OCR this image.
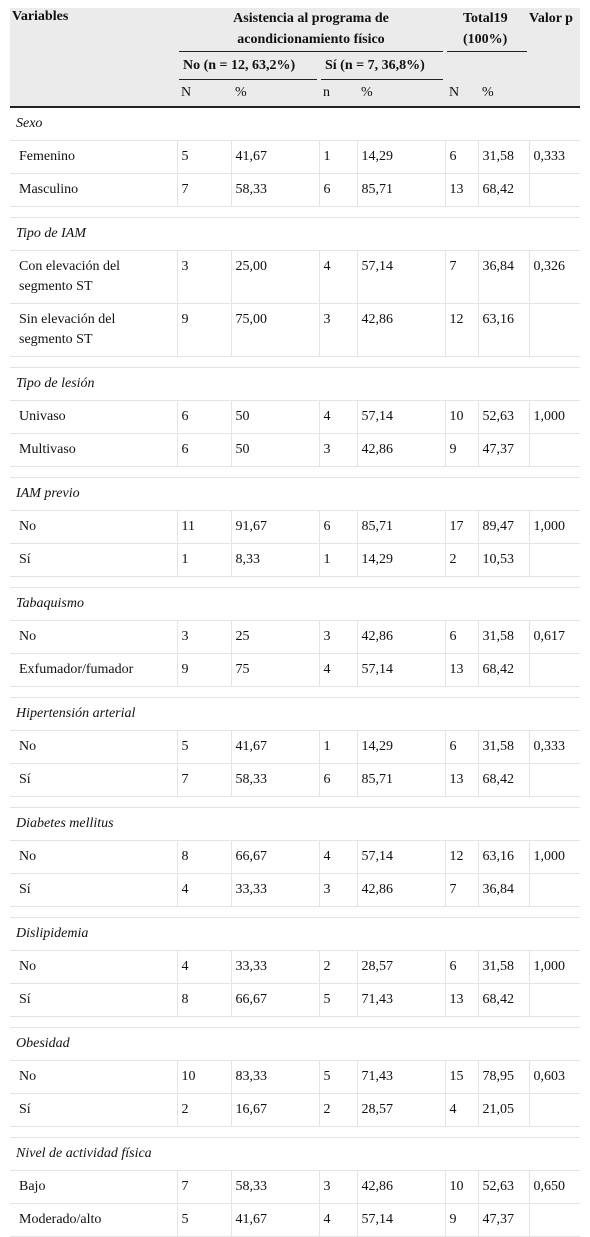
Variables	Asistencia al programa de acondicionamiento físico				Total19 (100%)		Valor p

	No (n = 12, 63,2%)		Sí (n = 7, 36,8%)				

	N	%	n	%	N	%	
Sexo							
Femenino	5	41,67	1	14,29	6	31,58	0,333
Masculino	7	58,33	6	85,71	13	68,42	

Tipo de IAM							
Con elevación del segmento ST	3	25,00	4	57,14	7	36,84	0,326
Sin elevación del segmento ST	9	75,00	3	42,86	12	63,16	

Tipo de lesión							
Univaso	6	50	4	57,14	10	52,63	1,000
Multivaso	6	50	3	42,86	9	47,37	

IAM previo							
No	11	91,67	6	85,71	17	89,47	1,000
Sí	1	8,33	1	14,29	2	10,53	

Tabaquismo							
No	3	25	3	42,86	6	31,58	0,617
Exfumador/fumador	9	75	4	57,14	13	68,42	

Hipertensión arterial							
No	5	41,67	1	14,29	6	31,58	0,333
Sí	7	58,33	6	85,71	13	68,42	

Diabetes mellitus							
No	8	66,67	4	57,14	12	63,16	1,000
Sí	4	33,33	3	42,86	7	36,84	

Dislipidemia							
No	4	33,33	2	28,57	6	31,58	1,000
Sí	8	66,67	5	71,43	13	68,42	

Obesidad							
No	10	83,33	5	71,43	15	78,95	0,603
Sí	2	16,67	2	28,57	4	21,05	

Nivel de actividad física							
Bajo	7	58,33	3	42,86	10	52,63	0,650
Moderado/alto	5	41,67	4	57,14	9	47,37	
